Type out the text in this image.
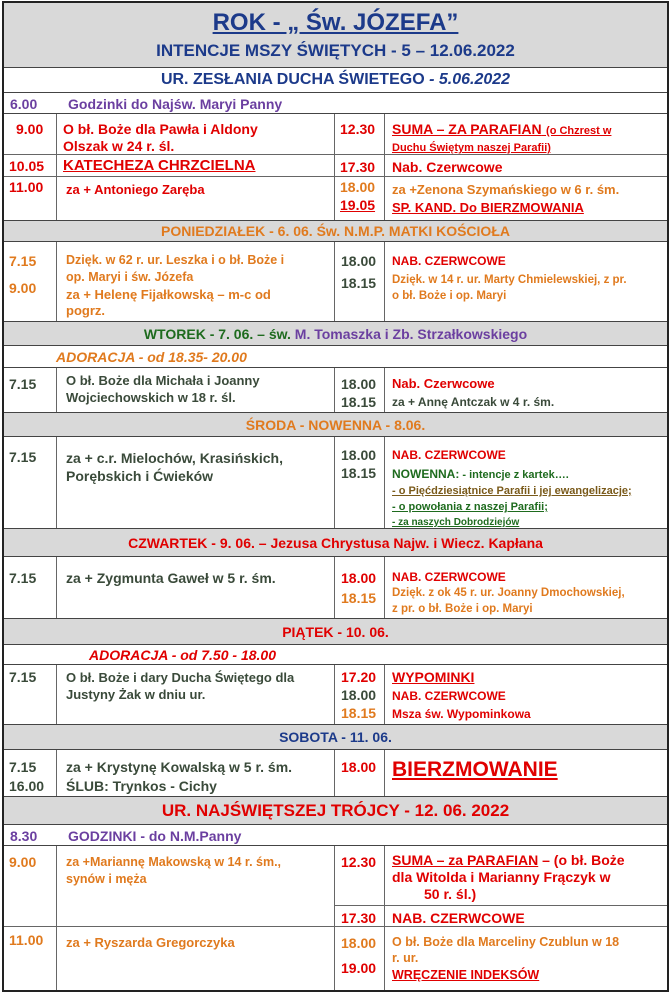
ROK - „ Św. JÓZEFA”
INTENCJE MSZY ŚWIĘTYCH - 5 – 12.06.2022
UR. ZESŁANIA DUCHA ŚWIETEGO - 5.06.2022
6.00 Godzinki do Najśw. Maryi Panny
9.00 O bł. Boże dla Pawła i Aldony
Olszak w 24 r. śl.
10.05 KATECHEZA CHRZCIELNA
11.00 za + Antoniego Zaręba
12.30 SUMA – ZA PARAFIAN (o Chzrest w
Duchu Świętym naszej Parafii)
17.30 Nab. Czerwcowe
18.00 za +Zenona Szymańskiego w 6 r. śm.
19.05 SP. KAND. Do BIERZMOWANIA
PONIEDZIAŁEK - 6. 06. Św. N.M.P. MATKI KOŚCIOŁA
7.15 Dzięk. w 62 r. ur. Leszka i o bł. Boże i
op. Maryi i św. Józefa
9.00 za + Helenę Fijałkowską – m-c od
pogrz.
18.00 NAB. CZERWCOWE
18.15 Dzięk. w 14 r. ur. Marty Chmielewskiej, z pr.
o bł. Boże i op. Maryi
WTOREK - 7. 06. – św. M. Tomaszka i Zb. Strzałkowskiego
ADORACJA - od 18.35- 20.00
7.15 O bł. Boże dla Michała i Joanny
Wojciechowskich w 18 r. śl.
18.00 Nab. Czerwcowe
18.15 za + Annę Antczak w 4 r. śm.
ŚRODA - NOWENNA - 8.06.
7.15 za + c.r. Mielochów, Krasińskich,
Porębskich i Ćwieków
18.00 NAB. CZERWCOWE
18.15 NOWENNA: - intencje z kartek….
- o Pięćdziesiątnice Parafii i jej ewangelizacje;
- o powołania z naszej Parafii;
- za naszych Dobrodziejów
CZWARTEK - 9. 06. – Jezusa Chrystusa Najw. i Wiecz. Kapłana
7.15 za + Zygmunta Gaweł w 5 r. śm.	18.00 NAB. CZERWCOWE
18.15 Dzięk. z ok 45 r. ur. Joanny Dmochowskiej,
z pr. o bł. Boże i op. Maryi
PIĄTEK - 10. 06.
ADORACJA - od 7.50 - 18.00
7.15 O bł. Boże i dary Ducha Świętego dla
Justyny Żak w dniu ur.
17.20 WYPOMINKI
18.00 NAB. CZERWCOWE
18.15 Msza św. Wypominkowa
SOBOTA - 11. 06.
7.15 za + Krystynę Kowalską w 5 r. śm.
16.00 ŚLUB: Trynkos - Cichy
18.00 BIERZMOWANIE
UR. NAJŚWIĘTSZEJ TRÓJCY - 12. 06. 2022
8.30 GODZINKI - do N.M.Panny
9.00 za +Mariannę Makowską w 14 r. śm.,
synów i męża
12.30 SUMA – za PARAFIAN – (o bł. Boże
dla Witolda i Marianny Frączyk w
50 r. śl.)
17.30 NAB. CZERWCOWE
11.00 za + Ryszarda Gregorczyka	18.00 O bł. Boże dla Marceliny Czublun w 18
r. ur.
19.00 WRĘCZENIE INDEKSÓW
